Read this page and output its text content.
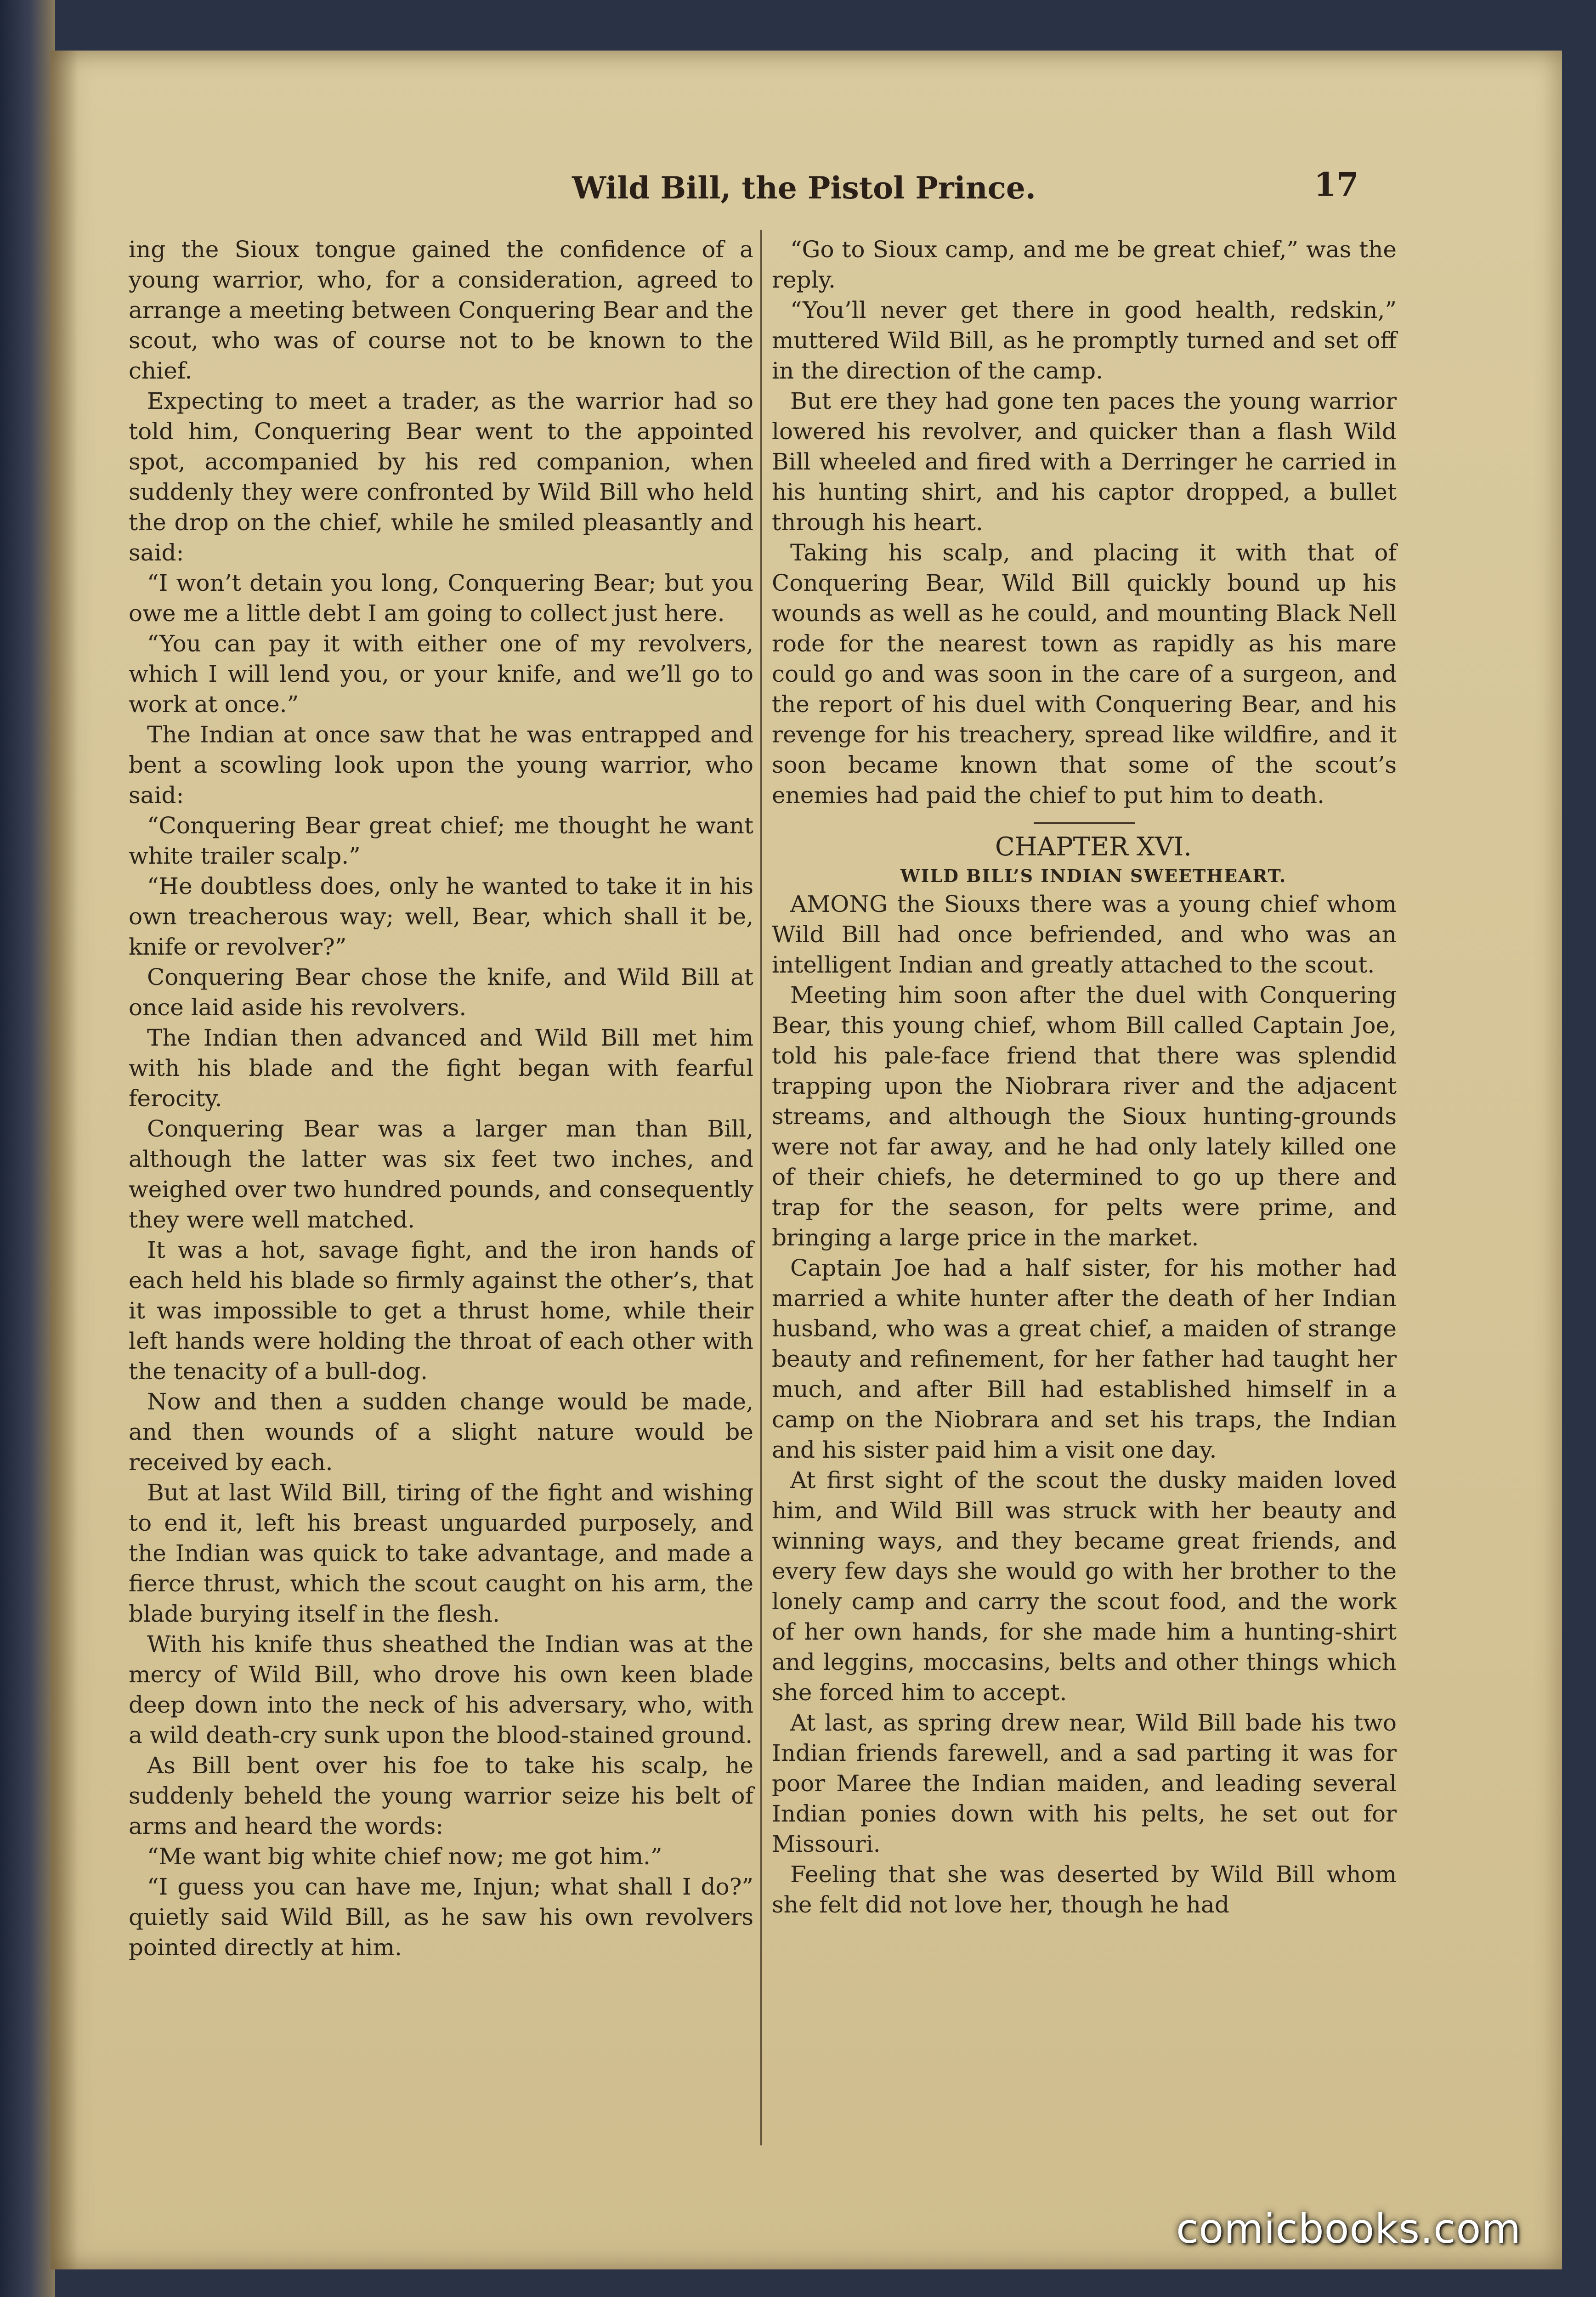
Wild Bill, the Pistol Prince.	17

ing the Sioux tongue gained the confidence of a young warrior, who, for a consideration, agreed to arrange a meeting between Conquering Bear and the scout, who was of course not to be known to the chief.

Expecting to meet a trader, as the warrior had so told him, Conquering Bear went to the appointed spot, accompanied by his red companion, when suddenly they were confronted by Wild Bill who held the drop on the chief, while he smiled pleasantly and said:

“I won’t detain you long, Conquering Bear; but you owe me a little debt I am going to collect just here.

“You can pay it with either one of my revolvers, which I will lend you, or your knife, and we’ll go to work at once.”

The Indian at once saw that he was entrapped and bent a scowling look upon the young warrior, who said:

“Conquering Bear great chief; me thought he want white trailer scalp.”

“He doubtless does, only he wanted to take it in his own treacherous way; well, Bear, which shall it be, knife or revolver?”

Conquering Bear chose the knife, and Wild Bill at once laid aside his revolvers.

The Indian then advanced and Wild Bill met him with his blade and the fight began with fearful ferocity.

Conquering Bear was a larger man than Bill, although the latter was six feet two inches, and weighed over two hundred pounds, and consequently they were well matched.

It was a hot, savage fight, and the iron hands of each held his blade so firmly against the other’s, that it was impossible to get a thrust home, while their left hands were holding the throat of each other with the tenacity of a bull-dog.

Now and then a sudden change would be made, and then wounds of a slight nature would be received by each.

But at last Wild Bill, tiring of the fight and wishing to end it, left his breast unguarded purposely, and the Indian was quick to take advantage, and made a fierce thrust, which the scout caught on his arm, the blade burying itself in the flesh.

With his knife thus sheathed the Indian was at the mercy of Wild Bill, who drove his own keen blade deep down into the neck of his adversary, who, with a wild death-cry sunk upon the blood-stained ground.

As Bill bent over his foe to take his scalp, he suddenly beheld the young warrior seize his belt of arms and heard the words:

“Me want big white chief now; me got him.”

“I guess you can have me, Injun; what shall I do?” quietly said Wild Bill, as he saw his own revolvers pointed directly at him.

“Go to Sioux camp, and me be great chief,” was the reply.

“You’ll never get there in good health, redskin,” muttered Wild Bill, as he promptly turned and set off in the direction of the camp.

But ere they had gone ten paces the young warrior lowered his revolver, and quicker than a flash Wild Bill wheeled and fired with a Derringer he carried in his hunting shirt, and his captor dropped, a bullet through his heart.

Taking his scalp, and placing it with that of Conquering Bear, Wild Bill quickly bound up his wounds as well as he could, and mounting Black Nell rode for the nearest town as rapidly as his mare could go and was soon in the care of a surgeon, and the report of his duel with Conquering Bear, and his revenge for his treachery, spread like wildfire, and it soon became known that some of the scout’s enemies had paid the chief to put him to death.

CHAPTER XVI.

WILD BILL’S INDIAN SWEETHEART.

AMONG the Siouxs there was a young chief whom Wild Bill had once befriended, and who was an intelligent Indian and greatly attached to the scout.

Meeting him soon after the duel with Conquering Bear, this young chief, whom Bill called Captain Joe, told his pale-face friend that there was splendid trapping upon the Niobrara river and the adjacent streams, and although the Sioux hunting-grounds were not far away, and he had only lately killed one of their chiefs, he determined to go up there and trap for the season, for pelts were prime, and bringing a large price in the market.

Captain Joe had a half sister, for his mother had married a white hunter after the death of her Indian husband, who was a great chief, a maiden of strange beauty and refinement, for her father had taught her much, and after Bill had established himself in a camp on the Niobrara and set his traps, the Indian and his sister paid him a visit one day.

At first sight of the scout the dusky maiden loved him, and Wild Bill was struck with her beauty and winning ways, and they became great friends, and every few days she would go with her brother to the lonely camp and carry the scout food, and the work of her own hands, for she made him a hunting-shirt and leggins, moccasins, belts and other things which she forced him to accept.

At last, as spring drew near, Wild Bill bade his two Indian friends farewell, and a sad parting it was for poor Maree the Indian maiden, and leading several Indian ponies down with his pelts, he set out for Missouri.

Feeling that she was deserted by Wild Bill whom she felt did not love her, though he had

comicbooks.com
